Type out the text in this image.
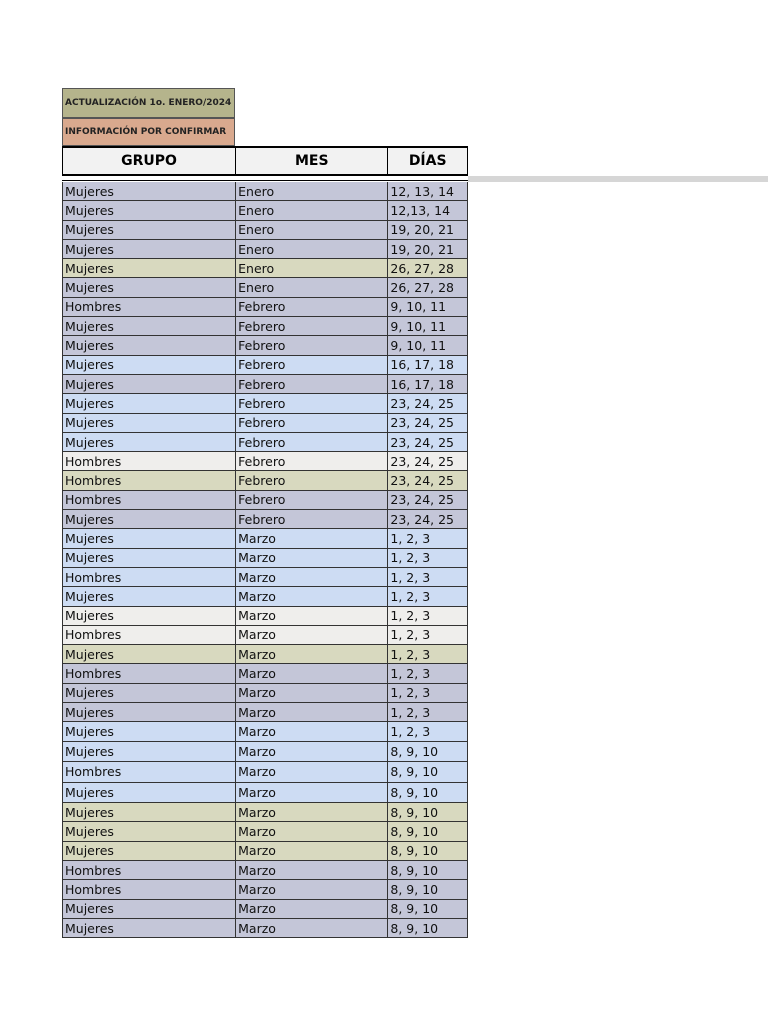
ACTUALIZACIÓN 1o. ENERO/2024
INFORMACIÓN POR CONFIRMAR
GRUPO	MES	DÍAS
Mujeres	Enero	12, 13, 14
Mujeres	Enero	12,13, 14
Mujeres	Enero	19, 20, 21
Mujeres	Enero	19, 20, 21
Mujeres	Enero	26, 27, 28
Mujeres	Enero	26, 27, 28
Hombres	Febrero	9, 10, 11
Mujeres	Febrero	9, 10, 11
Mujeres	Febrero	9, 10, 11
Mujeres	Febrero	16, 17, 18
Mujeres	Febrero	16, 17, 18
Mujeres	Febrero	23, 24, 25
Mujeres	Febrero	23, 24, 25
Mujeres	Febrero	23, 24, 25
Hombres	Febrero	23, 24, 25
Hombres	Febrero	23, 24, 25
Hombres	Febrero	23, 24, 25
Mujeres	Febrero	23, 24, 25
Mujeres	Marzo	1, 2, 3
Mujeres	Marzo	1, 2, 3
Hombres	Marzo	1, 2, 3
Mujeres	Marzo	1, 2, 3
Mujeres	Marzo	1, 2, 3
Hombres	Marzo	1, 2, 3
Mujeres	Marzo	1, 2, 3
Hombres	Marzo	1, 2, 3
Mujeres	Marzo	1, 2, 3
Mujeres	Marzo	1, 2, 3
Mujeres	Marzo	1, 2, 3
Mujeres	Marzo	8, 9, 10
Hombres	Marzo	8, 9, 10
Mujeres	Marzo	8, 9, 10
Mujeres	Marzo	8, 9, 10
Mujeres	Marzo	8, 9, 10
Mujeres	Marzo	8, 9, 10
Hombres	Marzo	8, 9, 10
Hombres	Marzo	8, 9, 10
Mujeres	Marzo	8, 9, 10
Mujeres	Marzo	8, 9, 10
